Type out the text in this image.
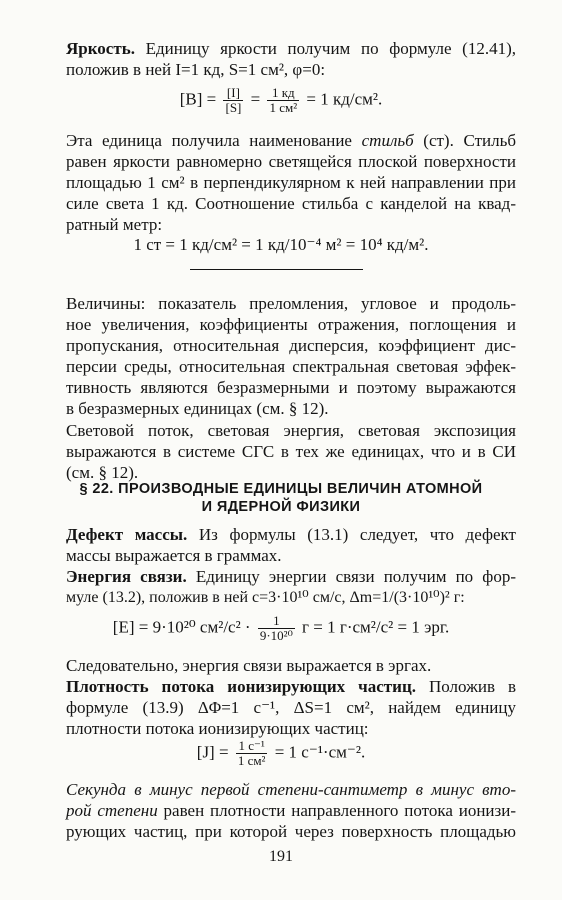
Яркость. Единицу яркости получим по формуле (12.41),
положив в ней I=1 кд, S=1 см², φ=0:
$[B] = \frac{[I]}{[S]} = \frac{1 кд}{\text{1 см²}} = 1$ кд/см².
Эта единица получила наименование стильб (ст). Стильб
равен яркости равномерно светящейся плоской поверхности
площадью 1 см² в перпендикулярном к ней направлении при
силе света 1 кд. Соотношение стильба с канделой на квад-
ратный метр:
1 ст = 1 кд/см² = 1 кд/10⁻⁴ м² = 10⁴ кд/м².
Величины: показатель преломления, угловое и продоль-
ное увеличения, коэффициенты отражения, поглощения и
пропускания, относительная дисперсия, коэффициент дис-
персии среды, относительная спектральная световая эффек-
тивность являются безразмерными и поэтому выражаются
в безразмерных единицах (см. § 12).
Световой поток, световая энергия, световая экспозиция
выражаются в системе СГС в тех же единицах, что и в СИ
(см. § 12).
§ 22. ПРОИЗВОДНЫЕ ЕДИНИЦЫ ВЕЛИЧИН АТОМНОЙ
И ЯДЕРНОЙ ФИЗИКИ
Дефект массы. Из формулы (13.1) следует, что дефект
массы выражается в граммах.
Энергия связи. Единицу энергии связи получим по фор-
муле (13.2), положив в ней c=3·10¹⁰ см/с, Δm=1/(3·10¹⁰)² г:
[E] = 9·10²⁰ $см^2/с^2 \cdot \frac{1}{\text{9·10²⁰}}$ г = 1 г·см²/с² = 1 эрг.
Следовательно, энергия связи выражается в эргах.
Плотность потока ионизирующих частиц. Положив в
формуле (13.9) ΔΦ=1 с⁻¹, ΔS=1 см², найдем единицу
плотности потока ионизирующих частиц:
$[J] = \frac{\text{1 с⁻¹}}{\text{1 см²}} = 1$ с⁻¹·см⁻².
Секунда в минус первой степени-сантиметр в минус вто-
рой степени равен плотности направленного потока ионизи-
рующих частиц, при которой через поверхность площадью
191
